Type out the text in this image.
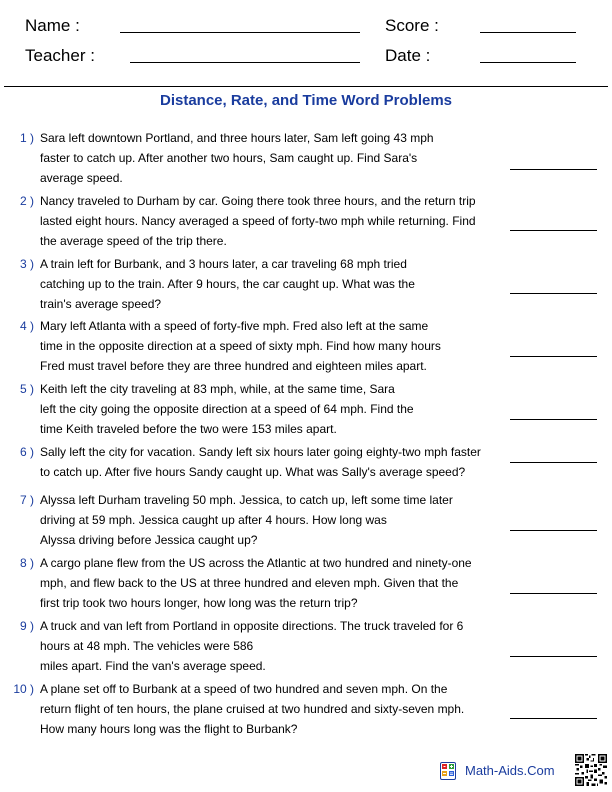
Name :	Score :
Teacher :	Date :
Distance, Rate, and Time Word Problems
1 ) Sara left downtown Portland, and three hours later, Sam left going 43 mph
faster to catch up. After another two hours, Sam caught up. Find Sara's
average speed.
2 ) Nancy traveled to Durham by car. Going there took three hours, and the return trip
lasted eight hours. Nancy averaged a speed of forty-two mph while returning. Find
the average speed of the trip there.
3 ) A train left for Burbank, and 3 hours later, a car traveling 68 mph tried
catching up to the train. After 9 hours, the car caught up. What was the
train's average speed?
4 ) Mary left Atlanta with a speed of forty-five mph. Fred also left at the same
time in the opposite direction at a speed of sixty mph. Find how many hours
Fred must travel before they are three hundred and eighteen miles apart.
5 ) Keith left the city traveling at 83 mph, while, at the same time, Sara
left the city going the opposite direction at a speed of 64 mph. Find the
time Keith traveled before the two were 153 miles apart.
6 ) Sally left the city for vacation. Sandy left six hours later going eighty-two mph faster
to catch up. After five hours Sandy caught up. What was Sally's average speed?
7 ) Alyssa left Durham traveling 50 mph. Jessica, to catch up, left some time later
driving at 59 mph. Jessica caught up after 4 hours. How long was
Alyssa driving before Jessica caught up?
8 ) A cargo plane flew from the US across the Atlantic at two hundred and ninety-one
mph, and flew back to the US at three hundred and eleven mph. Given that the
first trip took two hours longer, how long was the return trip?
9 ) A truck and van left from Portland in opposite directions. The truck traveled for 6
hours at 48 mph. The vehicles were 586
miles apart. Find the van's average speed.
10 ) A plane set off to Burbank at a speed of two hundred and seven mph. On the
return flight of ten hours, the plane cruised at two hundred and sixty-seven mph.
How many hours long was the flight to Burbank?
Math-Aids.Com
